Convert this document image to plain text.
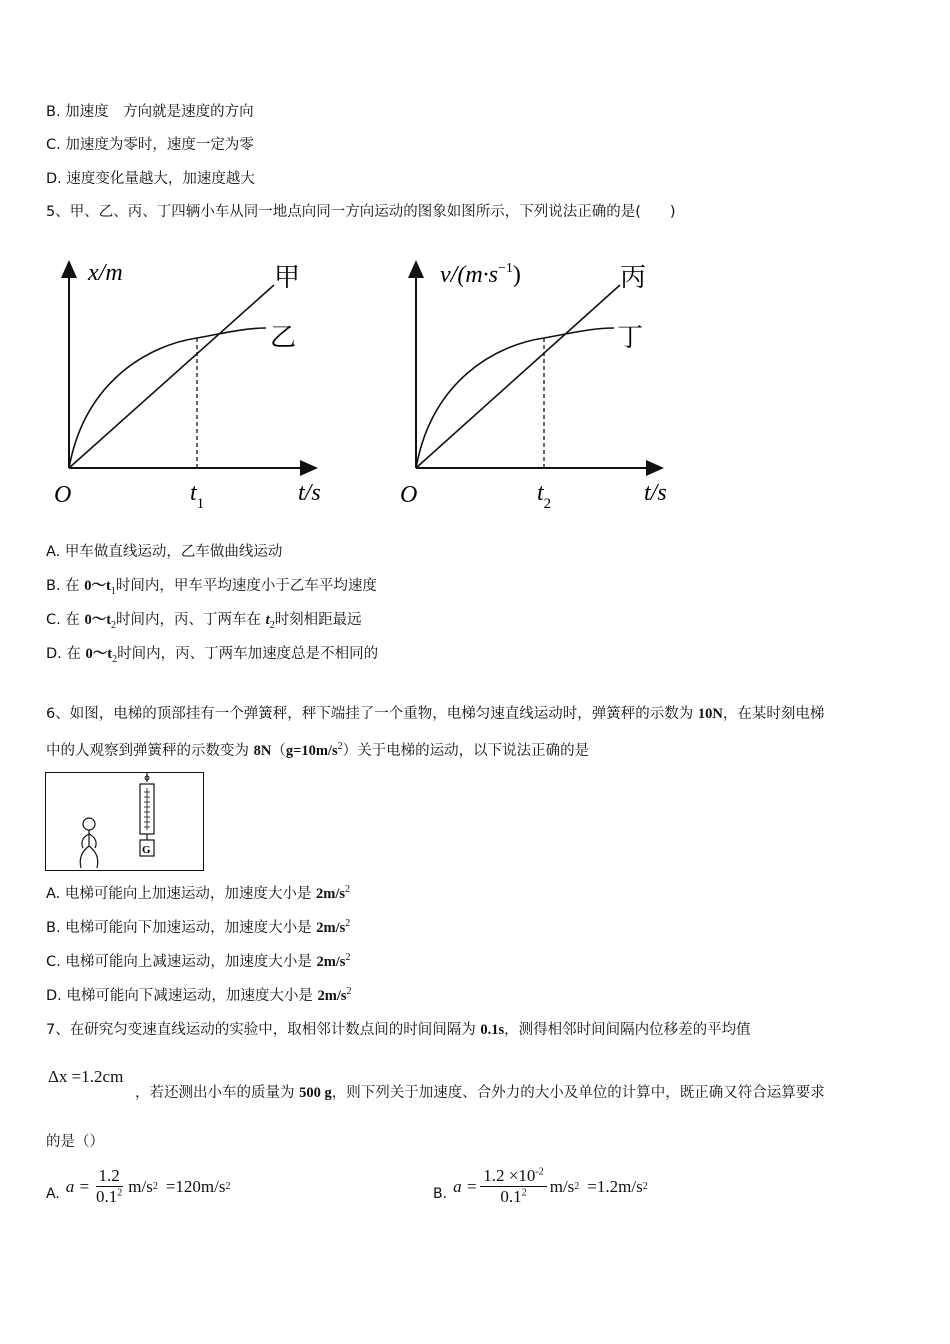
B. 加速度　方向就是速度的方向
C. 加速度为零时，速度一定为零
D. 速度变化量越大，加速度越大
5、甲、乙、丙、丁四辆小车从同一地点向同一方向运动的图象如图所示，下列说法正确的是(　　)
x/m
O	$t_1$	t/s
甲
乙
$v/(m\cdot s^{-1})$
O	$t_2$	t/s
丙
丁
A. 甲车做直线运动，乙车做曲线运动
B. 在 $0\sim t_1$时间内，甲车平均速度小于乙车平均速度
C. 在 $0\sim t_2$时间内，丙、丁两车在 $t_2$时刻相距最远
D. 在 $0\sim t_2$时间内，丙、丁两车加速度总是不相同的
6、如图，电梯的顶部挂有一个弹簧秤，秤下端挂了一个重物，电梯匀速直线运动时，弹簧秤的示数为 10N，在某时刻电梯
中的人观察到弹簧秤的示数变为 $8N(g=10m/s^2)$关于电梯的运动，以下说法正确的是
G
A. 电梯可能向上加速运动，加速度大小是 $2m/s^2$
B. 电梯可能向下加速运动，加速度大小是 $2m/s^2$
C. 电梯可能向上减速运动，加速度大小是 $2m/s^2$
D. 电梯可能向下减速运动，加速度大小是 $2m/s^2$
7、在研究匀变速直线运动的实验中，取相邻计数点间的时间间隔为 0.1s，测得相邻时间间隔内位移差的平均值
Δx =1.2cm
，若还测出小车的质量为 500 g，则下列关于加速度、合外力的大小及单位的计算中，既正确又符合运算要求
的是（）
A. $a = \frac{1.2}{0.1^2} m/s$ 2 =120m/s 2	B. $a = \frac{1.2 \times 10^{-2}}{0.1^2} m/s$ 2 =1.2m/s 2
